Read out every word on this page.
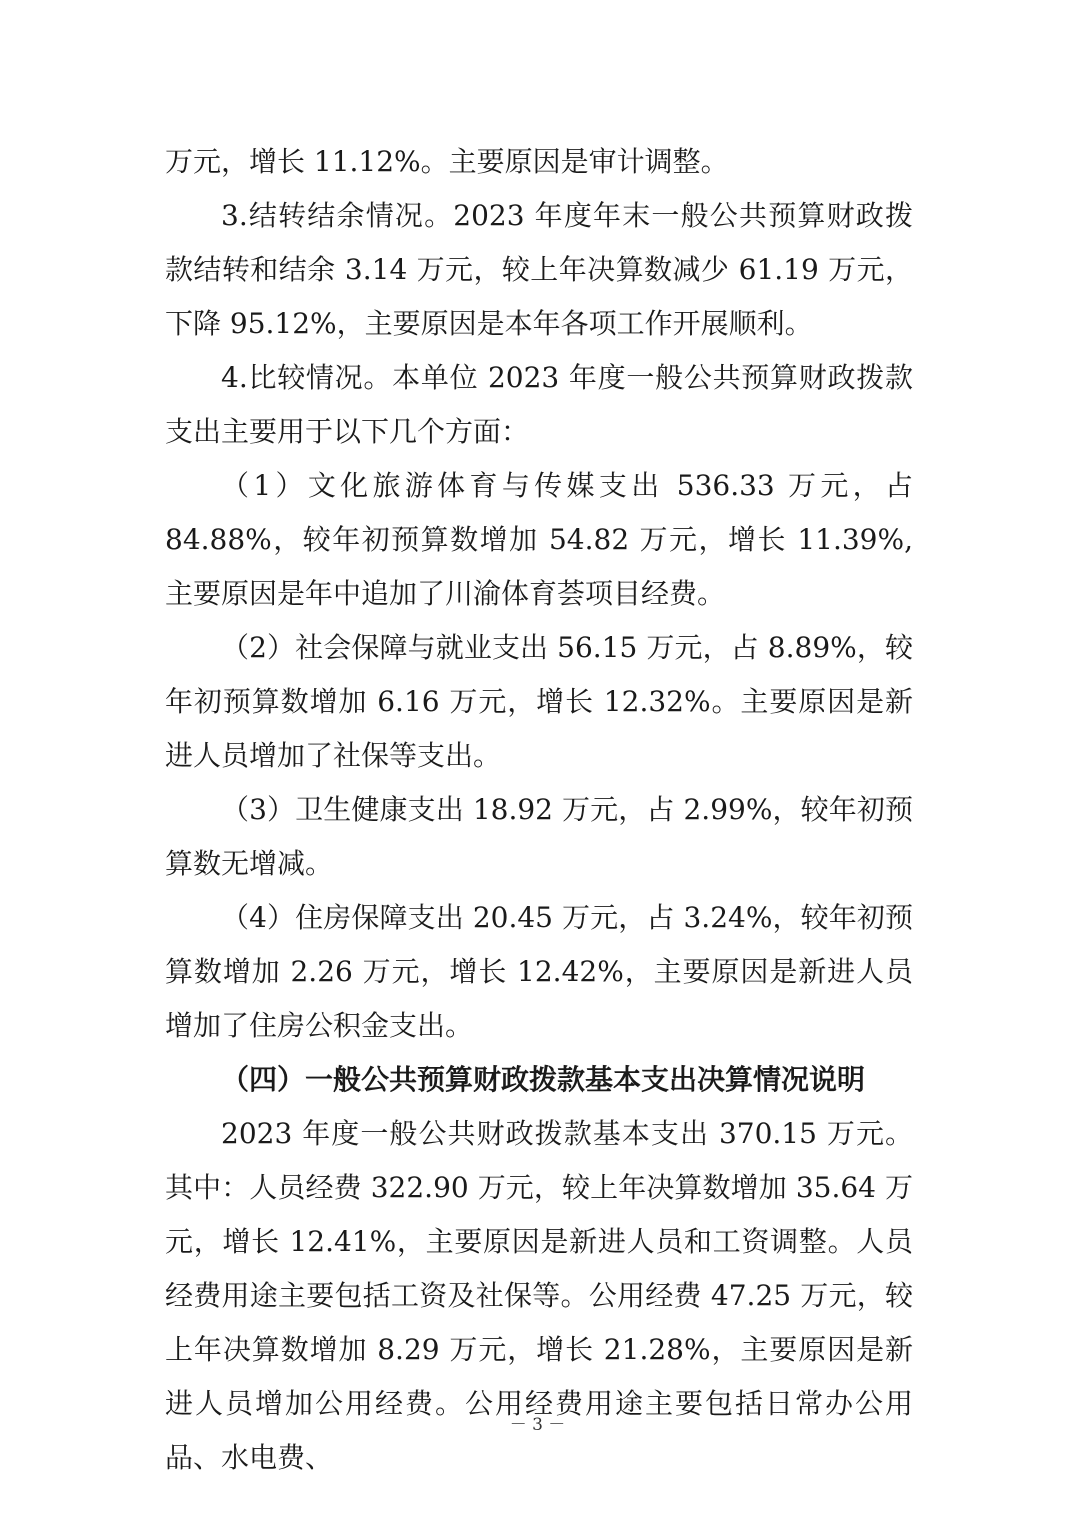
万元，增长 11.12%。主要原因是审计调整。

3.结转结余情况。2023 年度年末一般公共预算财政拨款结转和结余 3.14 万元，较上年决算数减少 61.19 万元，下降 95.12%，主要原因是本年各项工作开展顺利。

4.比较情况。本单位 2023 年度一般公共预算财政拨款支出主要用于以下几个方面：

（1）文化旅游体育与传媒支出 536.33 万元，占 84.88%，较年初预算数增加 54.82 万元，增长 11.39%,主要原因是年中追加了川渝体育荟项目经费。

（2）社会保障与就业支出 56.15 万元，占 8.89%，较年初预算数增加 6.16 万元，增长 12.32%。主要原因是新进人员增加了社保等支出。

（3）卫生健康支出 18.92 万元，占 2.99%，较年初预算数无增减。

（4）住房保障支出 20.45 万元，占 3.24%，较年初预算数增加 2.26 万元，增长 12.42%，主要原因是新进人员增加了住房公积金支出。

（四）一般公共预算财政拨款基本支出决算情况说明

2023 年度一般公共财政拨款基本支出 370.15 万元。其中：人员经费 322.90 万元，较上年决算数增加 35.64 万元，增长 12.41%，主要原因是新进人员和工资调整。人员经费用途主要包括工资及社保等。公用经费 47.25 万元，较上年决算数增加 8.29 万元，增长 21.28%，主要原因是新进人员增加公用经费。公用经费用途主要包括日常办公用品、水电费、

－ 3 －
